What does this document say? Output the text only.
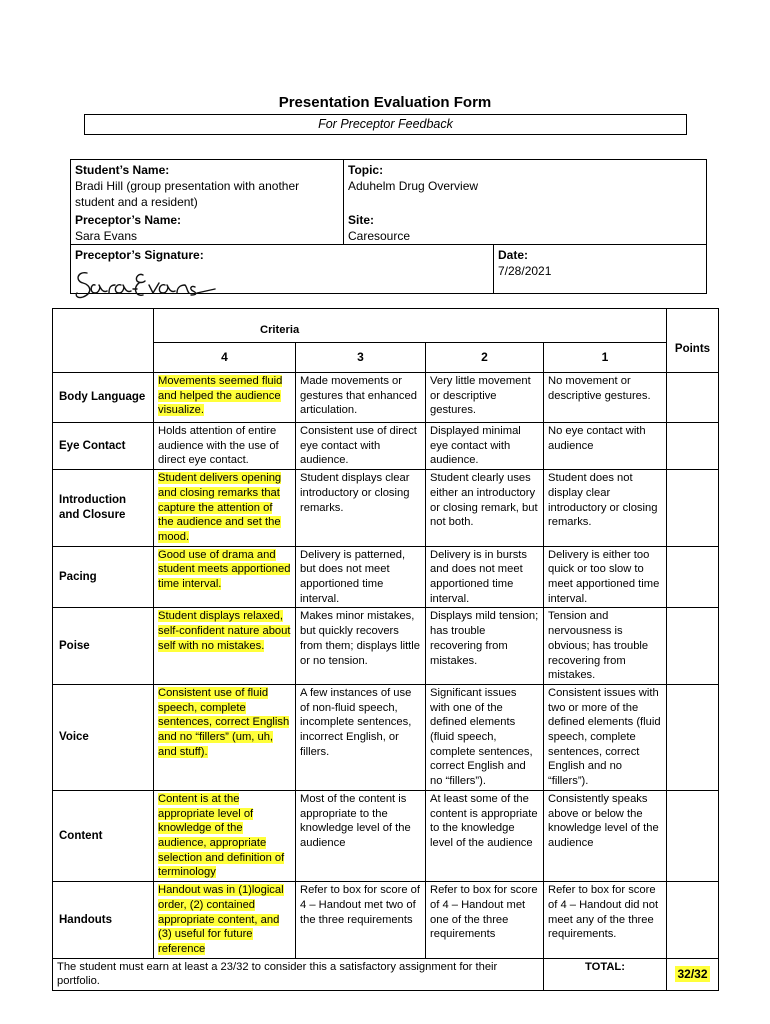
Presentation Evaluation Form
For Preceptor Feedback
Student’s Name:
Bradi Hill (group presentation with another student and a resident)
Topic:
Aduhelm Drug Overview
Preceptor’s Name:
Sara Evans
Site:
Caresource
Preceptor’s Signature:	Date:
7/28/2021
	Criteria				Points
	4	3	2	1	
Body Language	Movements seemed fluid and helped the audience visualize.	Made movements or gestures that enhanced articulation.	Very little movement or descriptive gestures.	No movement or descriptive gestures.	
Eye Contact	Holds attention of entire audience with the use of direct eye contact.	Consistent use of direct eye contact with audience.	Displayed minimal eye contact with audience.	No eye contact with audience	
Introduction and Closure	Student delivers opening and closing remarks that capture the attention of the audience and set the mood.	Student displays clear introductory or closing remarks.	Student clearly uses either an introductory or closing remark, but not both.	Student does not display clear introductory or closing remarks.	
Pacing	Good use of drama and student meets apportioned time interval.	Delivery is patterned, but does not meet apportioned time interval.	Delivery is in bursts and does not meet apportioned time interval.	Delivery is either too quick or too slow to meet apportioned time interval.	
Poise	Student displays relaxed, self-confident nature about self with no mistakes.	Makes minor mistakes, but quickly recovers from them; displays little or no tension.	Displays mild tension; has trouble recovering from mistakes.	Tension and nervousness is obvious; has trouble recovering from mistakes.	
Voice	Consistent use of fluid speech, complete sentences, correct English and no “fillers” (um, uh, and stuff).	A few instances of use of non-fluid speech, incomplete sentences, incorrect English, or fillers.	Significant issues with one of the defined elements (fluid speech, complete sentences, correct English and no “fillers”).	Consistent issues with two or more of the defined elements (fluid speech, complete sentences, correct English and no “fillers”).	
Content	Content is at the appropriate level of knowledge of the audience, appropriate selection and definition of terminology	Most of the content is appropriate to the knowledge level of the audience	At least some of the content is appropriate to the knowledge level of the audience	Consistently speaks above or below the knowledge level of the audience	
Handouts	Handout was in (1)logical order, (2) contained appropriate content, and (3) useful for future reference	Refer to box for score of 4 – Handout met two of the three requirements	Refer to box for score of 4 – Handout met one of the three requirements	Refer to box for score of 4 – Handout did not meet any of the three requirements.	
The student must earn at least a 23/32 to consider this a satisfactory assignment for their portfolio.				TOTAL:	32/32
